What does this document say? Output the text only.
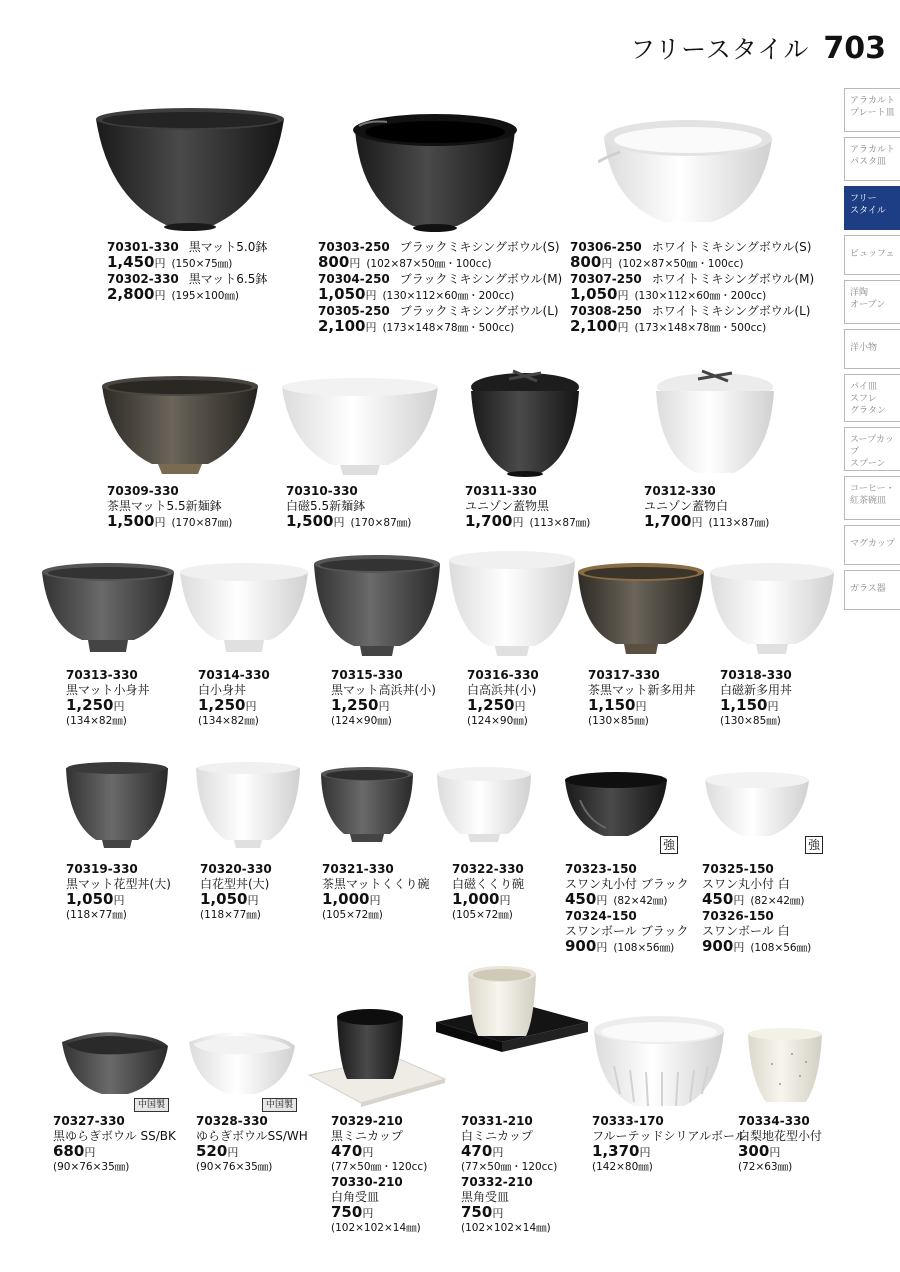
フリースタイル 703
アラカルト
プレート皿
アラカルト
パスタ皿
フリー
スタイル
ビュッフェ
洋陶
オーブン
洋小物
パイ皿
スフレ
グラタン
スープカップ
スプーン
コーヒー・
紅茶碗皿
マグカップ
ガラス器
70301-330 黒マット5.0鉢
1,450円 (150×75㎜)
70302-330 黒マット6.5鉢
2,800円 (195×100㎜)
70303-250 ブラックミキシングボウル(S)
800円 (102×87×50㎜・100cc)
70304-250 ブラックミキシングボウル(M)
1,050円 (130×112×60㎜・200cc)
70305-250 ブラックミキシングボウル(L)
2,100円 (173×148×78㎜・500cc)
70306-250 ホワイトミキシングボウル(S)
800円 (102×87×50㎜・100cc)
70307-250 ホワイトミキシングボウル(M)
1,050円 (130×112×60㎜・200cc)
70308-250 ホワイトミキシングボウル(L)
2,100円 (173×148×78㎜・500cc)
70309-330
茶黒マット5.5新麺鉢
1,500円 (170×87㎜)
70310-330
白磁5.5新麺鉢
1,500円 (170×87㎜)
70311-330
ユニゾン蓋物黒
1,700円 (113×87㎜)
70312-330
ユニゾン蓋物白
1,700円 (113×87㎜)
70313-330
黒マット小身丼
1,250円
(134×82㎜)
70314-330
白小身丼
1,250円
(134×82㎜)
70315-330
黒マット高浜丼(小)
1,250円
(124×90㎜)
70316-330
白高浜丼(小)
1,250円
(124×90㎜)
70317-330
茶黒マット新多用丼
1,150円
(130×85㎜)
70318-330
白磁新多用丼
1,150円
(130×85㎜)
強	強
70319-330
黒マット花型丼(大)
1,050円
(118×77㎜)
70320-330
白花型丼(大)
1,050円
(118×77㎜)
70321-330
茶黒マットくくり碗
1,000円
(105×72㎜)
70322-330
白磁くくり碗
1,000円
(105×72㎜)
70323-150
スワン丸小付 ブラック
450円 (82×42㎜)
70324-150
スワンボール ブラック
900円 (108×56㎜)
70325-150
スワン丸小付 白
450円 (82×42㎜)
70326-150
スワンボール 白
900円 (108×56㎜)
中国製	中国製
70327-330
黒ゆらぎボウル SS/BK
680円
(90×76×35㎜)
70328-330
ゆらぎボウルSS/WH
520円
(90×76×35㎜)
70329-210
黒ミニカップ
470円
(77×50㎜・120cc)
70330-210
白角受皿
750円
(102×102×14㎜)
70331-210
白ミニカップ
470円
(77×50㎜・120cc)
70332-210
黒角受皿
750円
(102×102×14㎜)
70333-170
フルーテッドシリアルボール
1,370円
(142×80㎜)
70334-330
白梨地花型小付
300円
(72×63㎜)
